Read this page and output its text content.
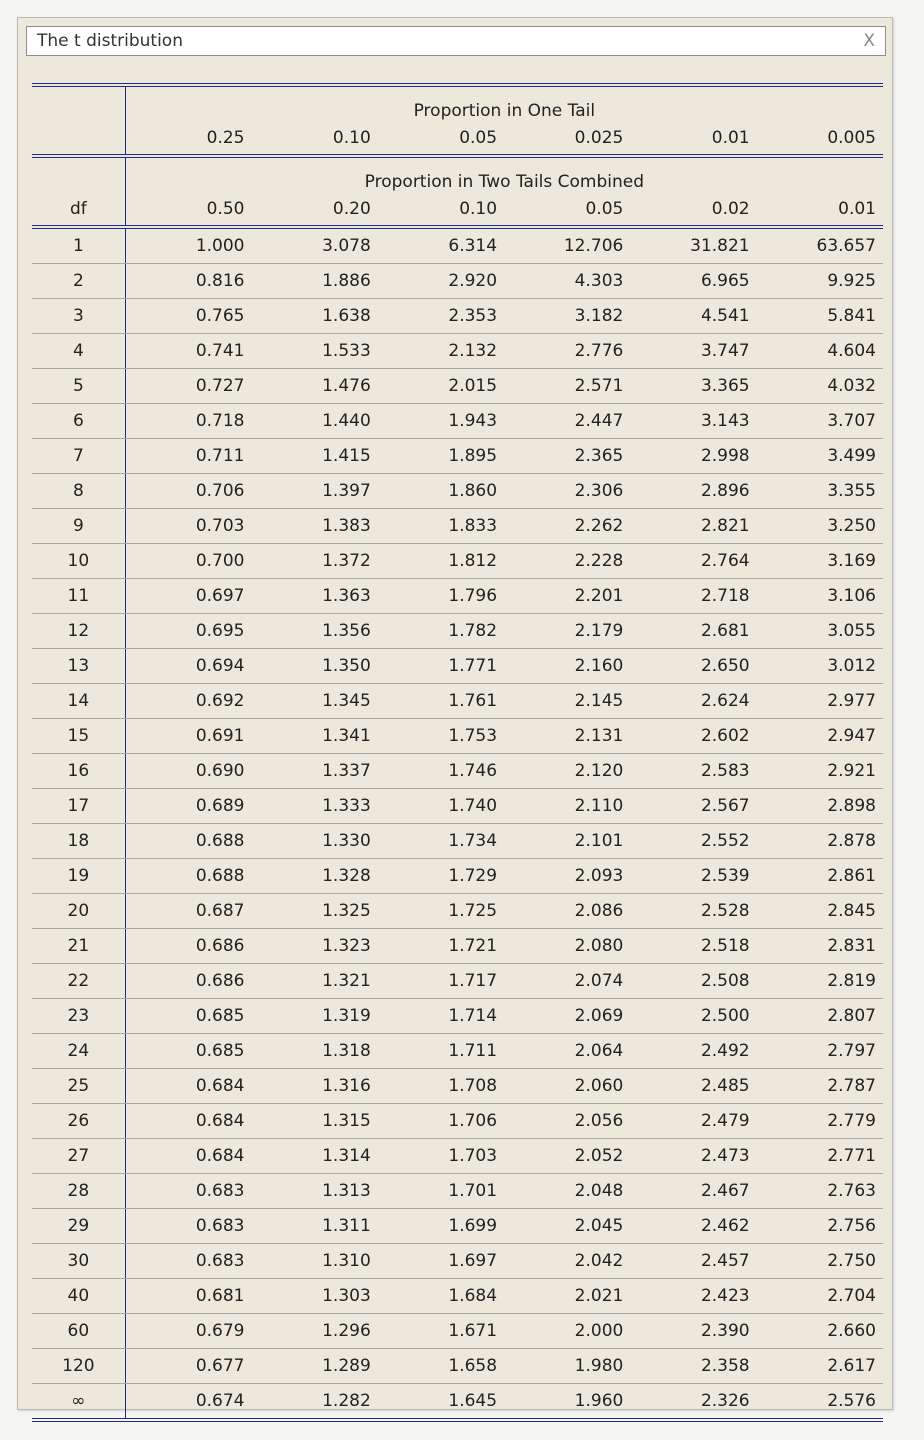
The t distribution	X
	Proportion in One Tail					
	0.25	0.10	0.05	0.025	0.01	0.005
	Proportion in Two Tails Combined					
df	0.50	0.20	0.10	0.05	0.02	0.01
1	1.000	3.078	6.314	12.706	31.821	63.657
2	0.816	1.886	2.920	4.303	6.965	9.925
3	0.765	1.638	2.353	3.182	4.541	5.841
4	0.741	1.533	2.132	2.776	3.747	4.604
5	0.727	1.476	2.015	2.571	3.365	4.032
6	0.718	1.440	1.943	2.447	3.143	3.707
7	0.711	1.415	1.895	2.365	2.998	3.499
8	0.706	1.397	1.860	2.306	2.896	3.355
9	0.703	1.383	1.833	2.262	2.821	3.250
10	0.700	1.372	1.812	2.228	2.764	3.169
11	0.697	1.363	1.796	2.201	2.718	3.106
12	0.695	1.356	1.782	2.179	2.681	3.055
13	0.694	1.350	1.771	2.160	2.650	3.012
14	0.692	1.345	1.761	2.145	2.624	2.977
15	0.691	1.341	1.753	2.131	2.602	2.947
16	0.690	1.337	1.746	2.120	2.583	2.921
17	0.689	1.333	1.740	2.110	2.567	2.898
18	0.688	1.330	1.734	2.101	2.552	2.878
19	0.688	1.328	1.729	2.093	2.539	2.861
20	0.687	1.325	1.725	2.086	2.528	2.845
21	0.686	1.323	1.721	2.080	2.518	2.831
22	0.686	1.321	1.717	2.074	2.508	2.819
23	0.685	1.319	1.714	2.069	2.500	2.807
24	0.685	1.318	1.711	2.064	2.492	2.797
25	0.684	1.316	1.708	2.060	2.485	2.787
26	0.684	1.315	1.706	2.056	2.479	2.779
27	0.684	1.314	1.703	2.052	2.473	2.771
28	0.683	1.313	1.701	2.048	2.467	2.763
29	0.683	1.311	1.699	2.045	2.462	2.756
30	0.683	1.310	1.697	2.042	2.457	2.750
40	0.681	1.303	1.684	2.021	2.423	2.704
60	0.679	1.296	1.671	2.000	2.390	2.660
120	0.677	1.289	1.658	1.980	2.358	2.617
∞	0.674	1.282	1.645	1.960	2.326	2.576
